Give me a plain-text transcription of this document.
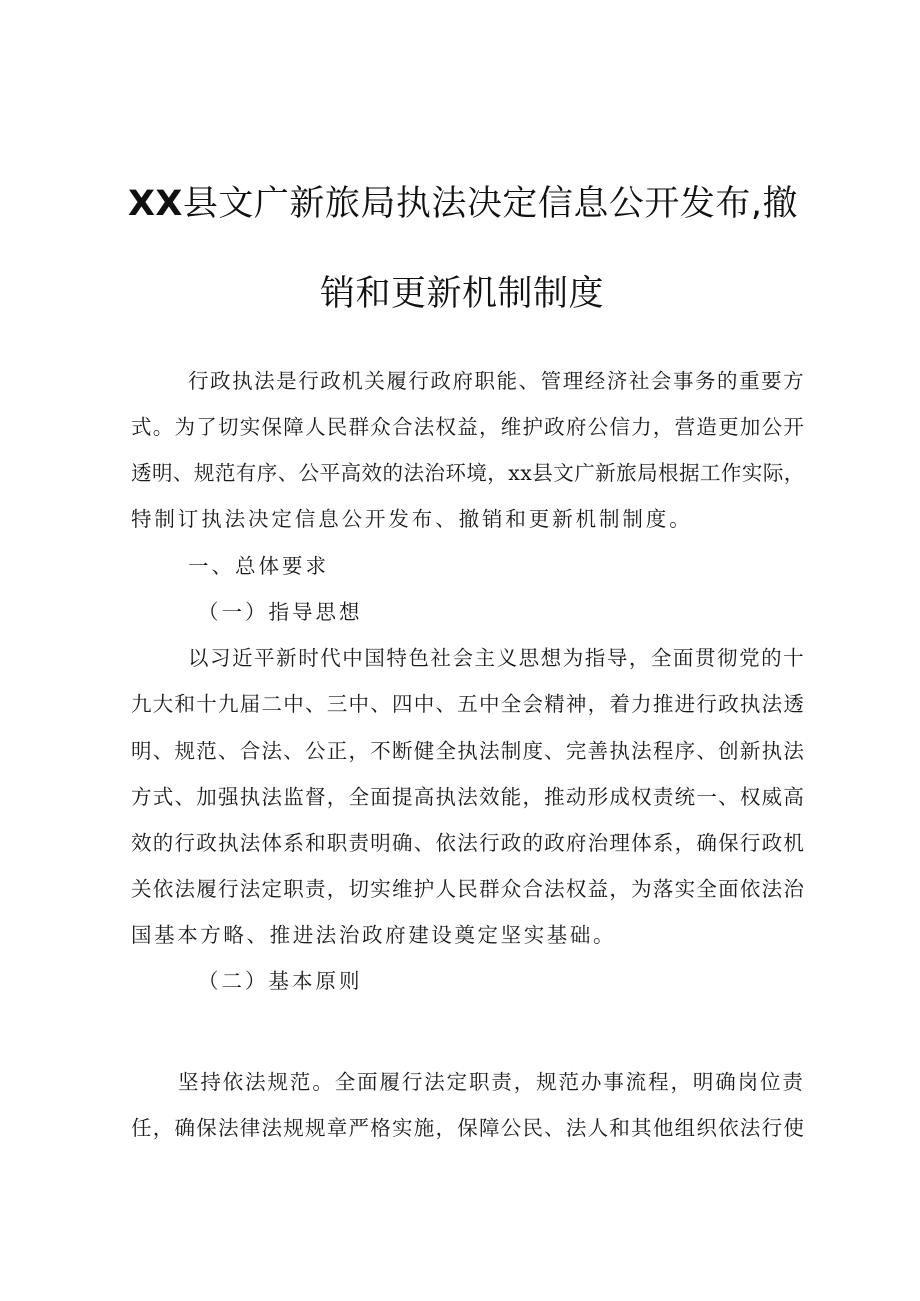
XX县文广新旅局执法决定信息公开发布,撤
销和更新机制制度

行政执法是行政机关履行政府职能、管理经济社会事务的重要方

式。为了切实保障人民群众合法权益，维护政府公信力，营造更加公开

透明、规范有序、公平高效的法治环境，xx县文广新旅局根据工作实际，

特制订执法决定信息公开发布、撤销和更新机制制度。

一、总体要求

（一）指导思想

以习近平新时代中国特色社会主义思想为指导，全面贯彻党的十

九大和十九届二中、三中、四中、五中全会精神，着力推进行政执法透

明、规范、合法、公正，不断健全执法制度、完善执法程序、创新执法

方式、加强执法监督，全面提高执法效能，推动形成权责统一、权威高

效的行政执法体系和职责明确、依法行政的政府治理体系，确保行政机

关依法履行法定职责，切实维护人民群众合法权益，为落实全面依法治

国基本方略、推进法治政府建设奠定坚实基础。

（二）基本原则

坚持依法规范。全面履行法定职责，规范办事流程，明确岗位责

任，确保法律法规规章严格实施，保障公民、法人和其他组织依法行使
